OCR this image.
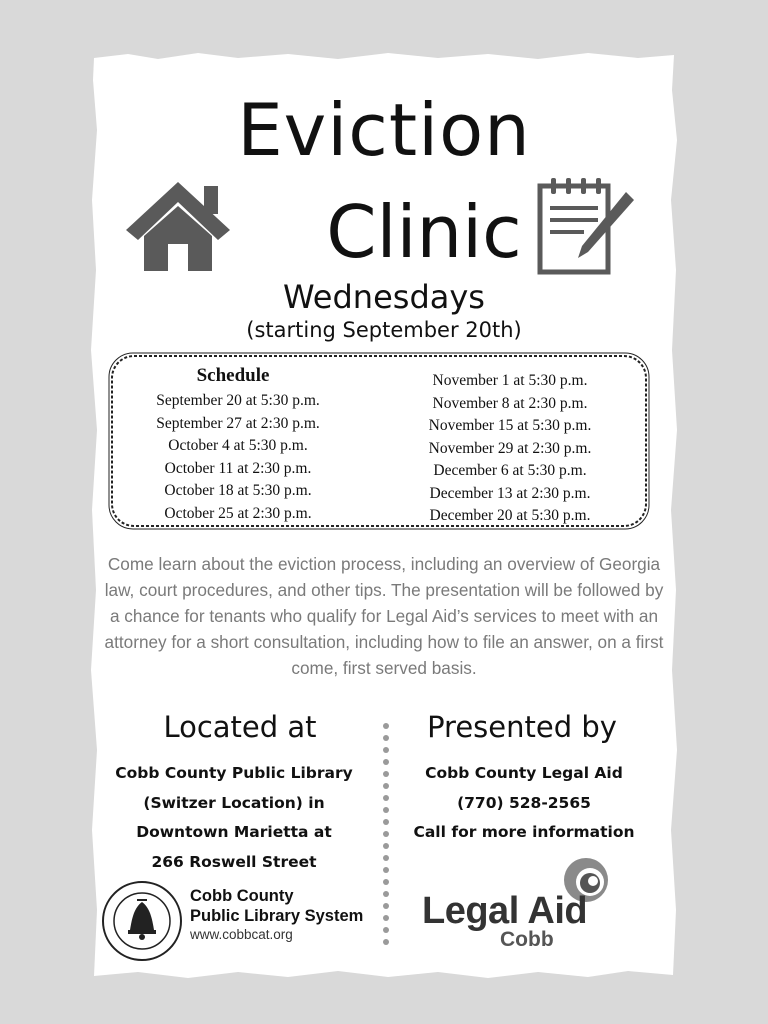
Eviction
Clinic
Wednesdays
(starting September 20th)
Schedule
September 20 at 5:30 p.m.
September 27 at 2:30 p.m.
October 4 at 5:30 p.m.
October 11 at 2:30 p.m.
October 18 at 5:30 p.m.
October 25 at 2:30 p.m.
November 1 at 5:30 p.m.
November 8 at 2:30 p.m.
November 15 at 5:30 p.m.
November 29 at 2:30 p.m.
December 6 at 5:30 p.m.
December 13 at 2:30 p.m.
December 20 at 5:30 p.m.

Come learn about the eviction process, including an overview of Georgia law, court procedures, and other tips. The presentation will be followed by a chance for tenants who qualify for Legal Aid’s services to meet with an attorney for a short consultation, including how to file an answer, on a first come, first served basis.

Located at	Presented by
Cobb County Public Library
(Switzer Location) in
Downtown Marietta at
266 Roswell Street
Cobb County Legal Aid
(770) 528-2565
Call for more information
Cobb County
Public Library System
www.cobbcat.org
Legal Aid
Cobb
